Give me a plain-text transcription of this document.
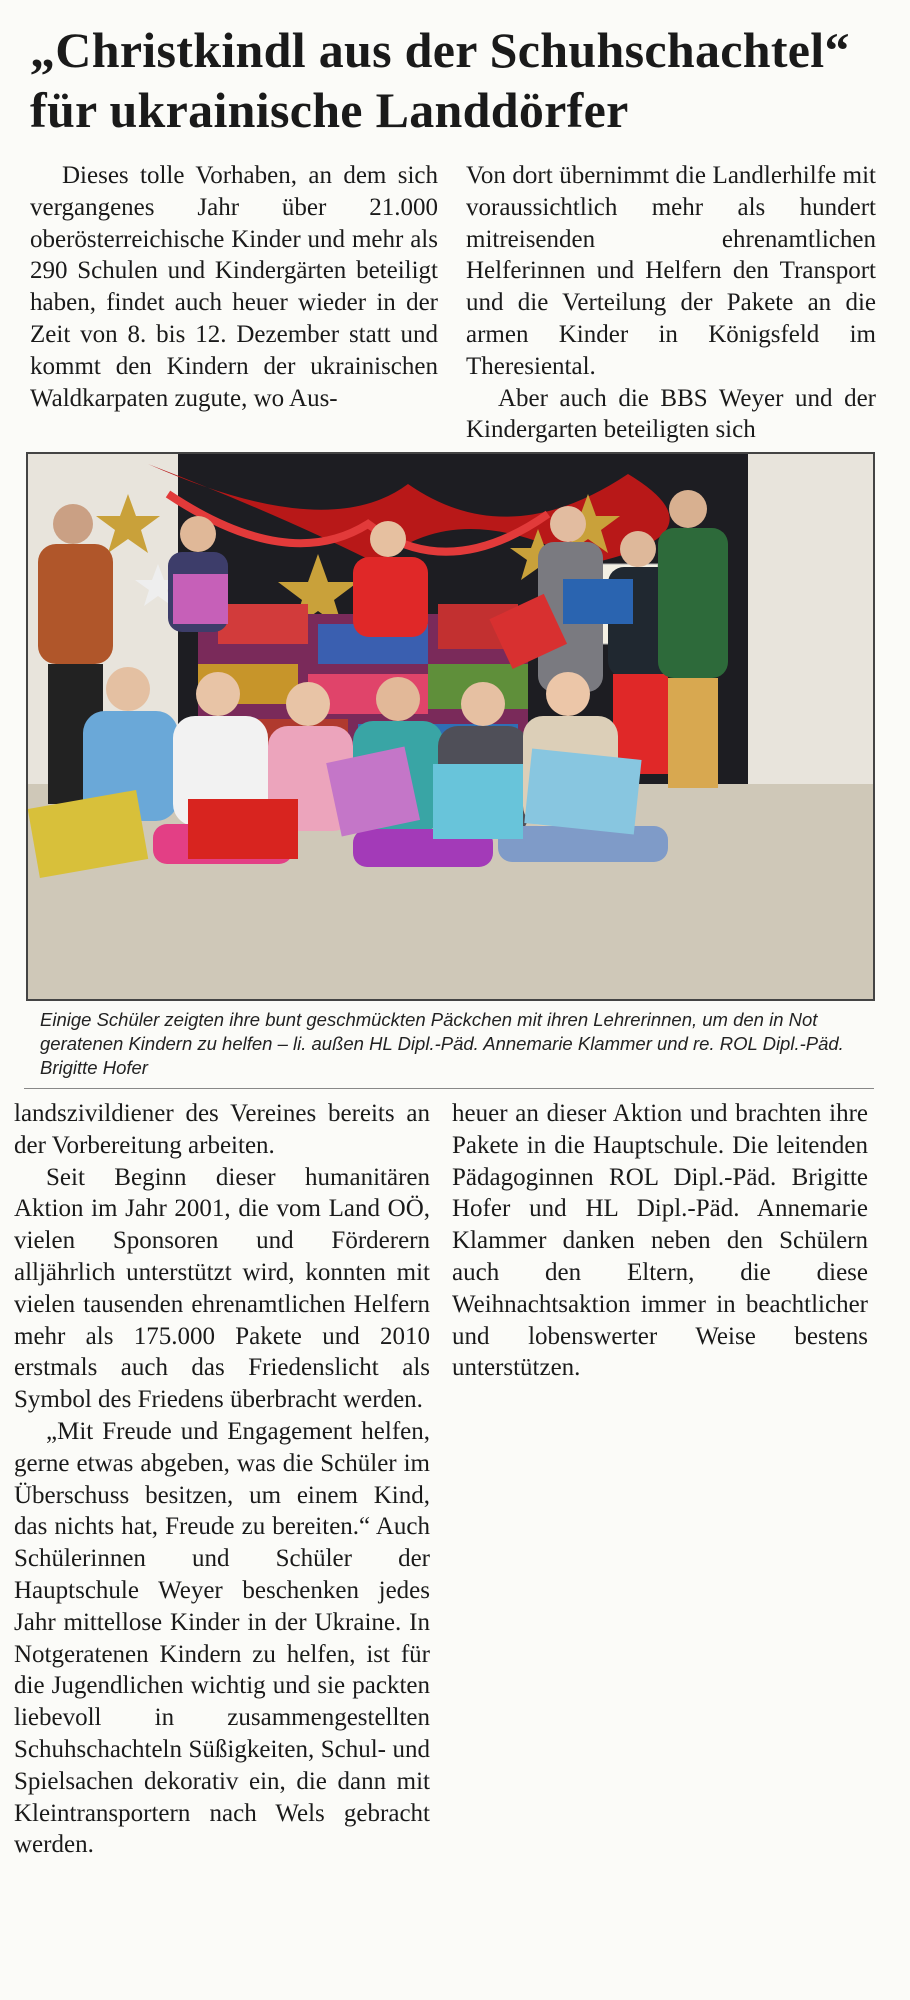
„Christkindl aus der Schuhschachtel“
für ukrainische Landdörfer

Dieses tolle Vorhaben, an dem sich vergangenes Jahr über 21.000 oberösterreichische Kinder und mehr als 290 Schulen und Kindergärten beteiligt haben, findet auch heuer wieder in der Zeit von 8. bis 12. Dezember statt und kommt den Kindern der ukrainischen Waldkarpaten zugute, wo Aus-

Von dort übernimmt die Landlerhilfe mit voraussichtlich mehr als hundert mitreisenden ehrenamtlichen Helferinnen und Helfern den Transport und die Verteilung der Pakete an die armen Kinder in Königsfeld im Theresiental.

Aber auch die BBS Weyer und der Kindergarten beteiligten sich

Einige Schüler zeigten ihre bunt geschmückten Päckchen mit ihren Lehrerinnen, um den in Not geratenen Kindern zu helfen – li. außen HL Dipl.-Päd. Annemarie Klammer und re. ROL Dipl.-Päd. Brigitte Hofer

landszivildiener des Vereines bereits an der Vorbereitung arbeiten.

Seit Beginn dieser humanitären Aktion im Jahr 2001, die vom Land OÖ, vielen Sponsoren und Förderern alljährlich unterstützt wird, konnten mit vielen tausenden ehrenamtlichen Helfern mehr als 175.000 Pakete und 2010 erstmals auch das Friedenslicht als Symbol des Friedens überbracht werden.

„Mit Freude und Engagement helfen, gerne etwas abgeben, was die Schüler im Überschuss besitzen, um einem Kind, das nichts hat, Freude zu bereiten.“ Auch Schülerinnen und Schüler der Hauptschule Weyer beschenken jedes Jahr mittellose Kinder in der Ukraine. In Notgeratenen Kindern zu helfen, ist für die Jugendlichen wichtig und sie packten liebevoll in zusammengestellten Schuhschachteln Süßigkeiten, Schul- und Spielsachen dekorativ ein, die dann mit Kleintransportern nach Wels gebracht werden.

heuer an dieser Aktion und brachten ihre Pakete in die Hauptschule. Die leitenden Pädagoginnen ROL Dipl.-Päd. Brigitte Hofer und HL Dipl.-Päd. Annemarie Klammer danken neben den Schülern auch den Eltern, die diese Weihnachtsaktion immer in beachtlicher und lobenswerter Weise bestens unterstützen.
